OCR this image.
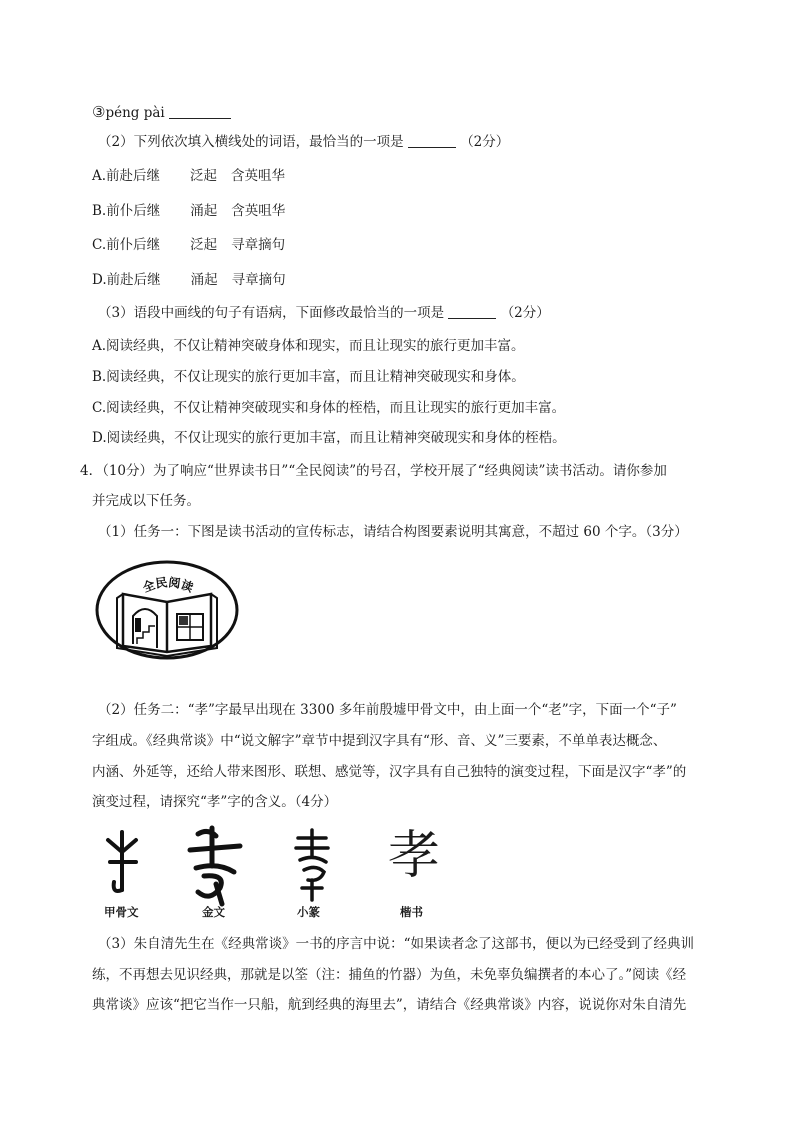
③péng pài
（2）下列依次填入横线处的词语，最恰当的一项是	（2分）
A.前赴后继 泛起 含英咀华
B.前仆后继 涌起 含英咀华
C.前仆后继 泛起 寻章摘句
D.前赴后继 涌起 寻章摘句
（3）语段中画线的句子有语病，下面修改最恰当的一项是	（2分）
A.阅读经典，不仅让精神突破身体和现实，而且让现实的旅行更加丰富。
B.阅读经典，不仅让现实的旅行更加丰富，而且让精神突破现实和身体。
C.阅读经典，不仅让精神突破现实和身体的桎梏，而且让现实的旅行更加丰富。
D.阅读经典，不仅让现实的旅行更加丰富，而且让精神突破现实和身体的桎梏。
4．（10分）为了响应“世界读书日”“全民阅读”的号召，学校开展了“经典阅读”读书活动。请你参加
并完成以下任务。
（1）任务一：下图是读书活动的宣传标志，请结合构图要素说明其寓意，不超过 60 个字。（3分）
全民阅读
（2）任务二：“孝”字最早出现在 3300 多年前殷墟甲骨文中，由上面一个“老”字，下面一个“子”
字组成。《经典常谈》中“说文解字”章节中提到汉字具有“形、音、义”三要素，不单单表达概念、
内涵、外延等，还给人带来图形、联想、感觉等，汉字具有自己独特的演变过程，下面是汉字“孝”的
演变过程，请探究“孝”字的含义。（4分）
孝
甲骨文	金文	小篆	楷书
（3）朱自清先生在《经典常谈》一书的序言中说：“如果读者念了这部书，便以为已经受到了经典训
练，不再想去见识经典，那就是以筌（注：捕鱼的竹器）为鱼，未免辜负编撰者的本心了。”阅读《经
典常谈》应该“把它当作一只船，航到经典的海里去”，请结合《经典常谈》内容，说说你对朱自清先
